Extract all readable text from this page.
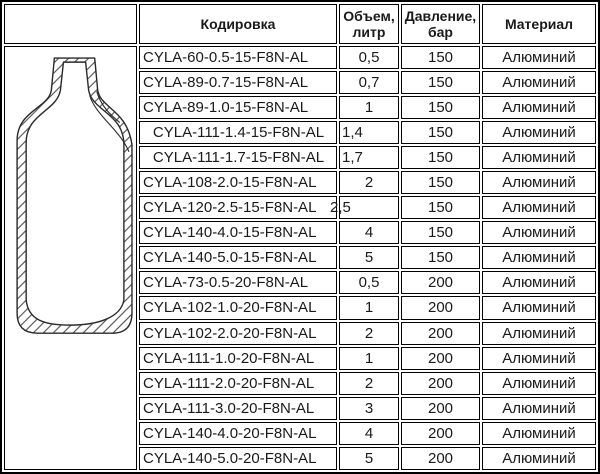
	Кодировка	Объем, литр	Давление, бар	Материал

	CYLA-60-0.5-15-F8N-AL	0,5	150	Алюминий
	CYLA-89-0.7-15-F8N-AL	0,7	150	Алюминий
	CYLA-89-1.0-15-F8N-AL	1	150	Алюминий
	CYLA-111-1.4-15-F8N-AL	1,4	150	Алюминий
	CYLA-111-1.7-15-F8N-AL	1,7	150	Алюминий
	CYLA-108-2.0-15-F8N-AL	2	150	Алюминий
	CYLA-120-2.5-15-F8N-AL	2,5	150	Алюминий
	CYLA-140-4.0-15-F8N-AL	4	150	Алюминий
	CYLA-140-5.0-15-F8N-AL	5	150	Алюминий
	CYLA-73-0.5-20-F8N-AL	0,5	200	Алюминий
	CYLA-102-1.0-20-F8N-AL	1	200	Алюминий
	CYLA-102-2.0-20-F8N-AL	2	200	Алюминий
	CYLA-111-1.0-20-F8N-AL	1	200	Алюминий
	CYLA-111-2.0-20-F8N-AL	2	200	Алюминий
	CYLA-111-3.0-20-F8N-AL	3	200	Алюминий
	CYLA-140-4.0-20-F8N-AL	4	200	Алюминий
	CYLA-140-5.0-20-F8N-AL	5	200	Алюминий
